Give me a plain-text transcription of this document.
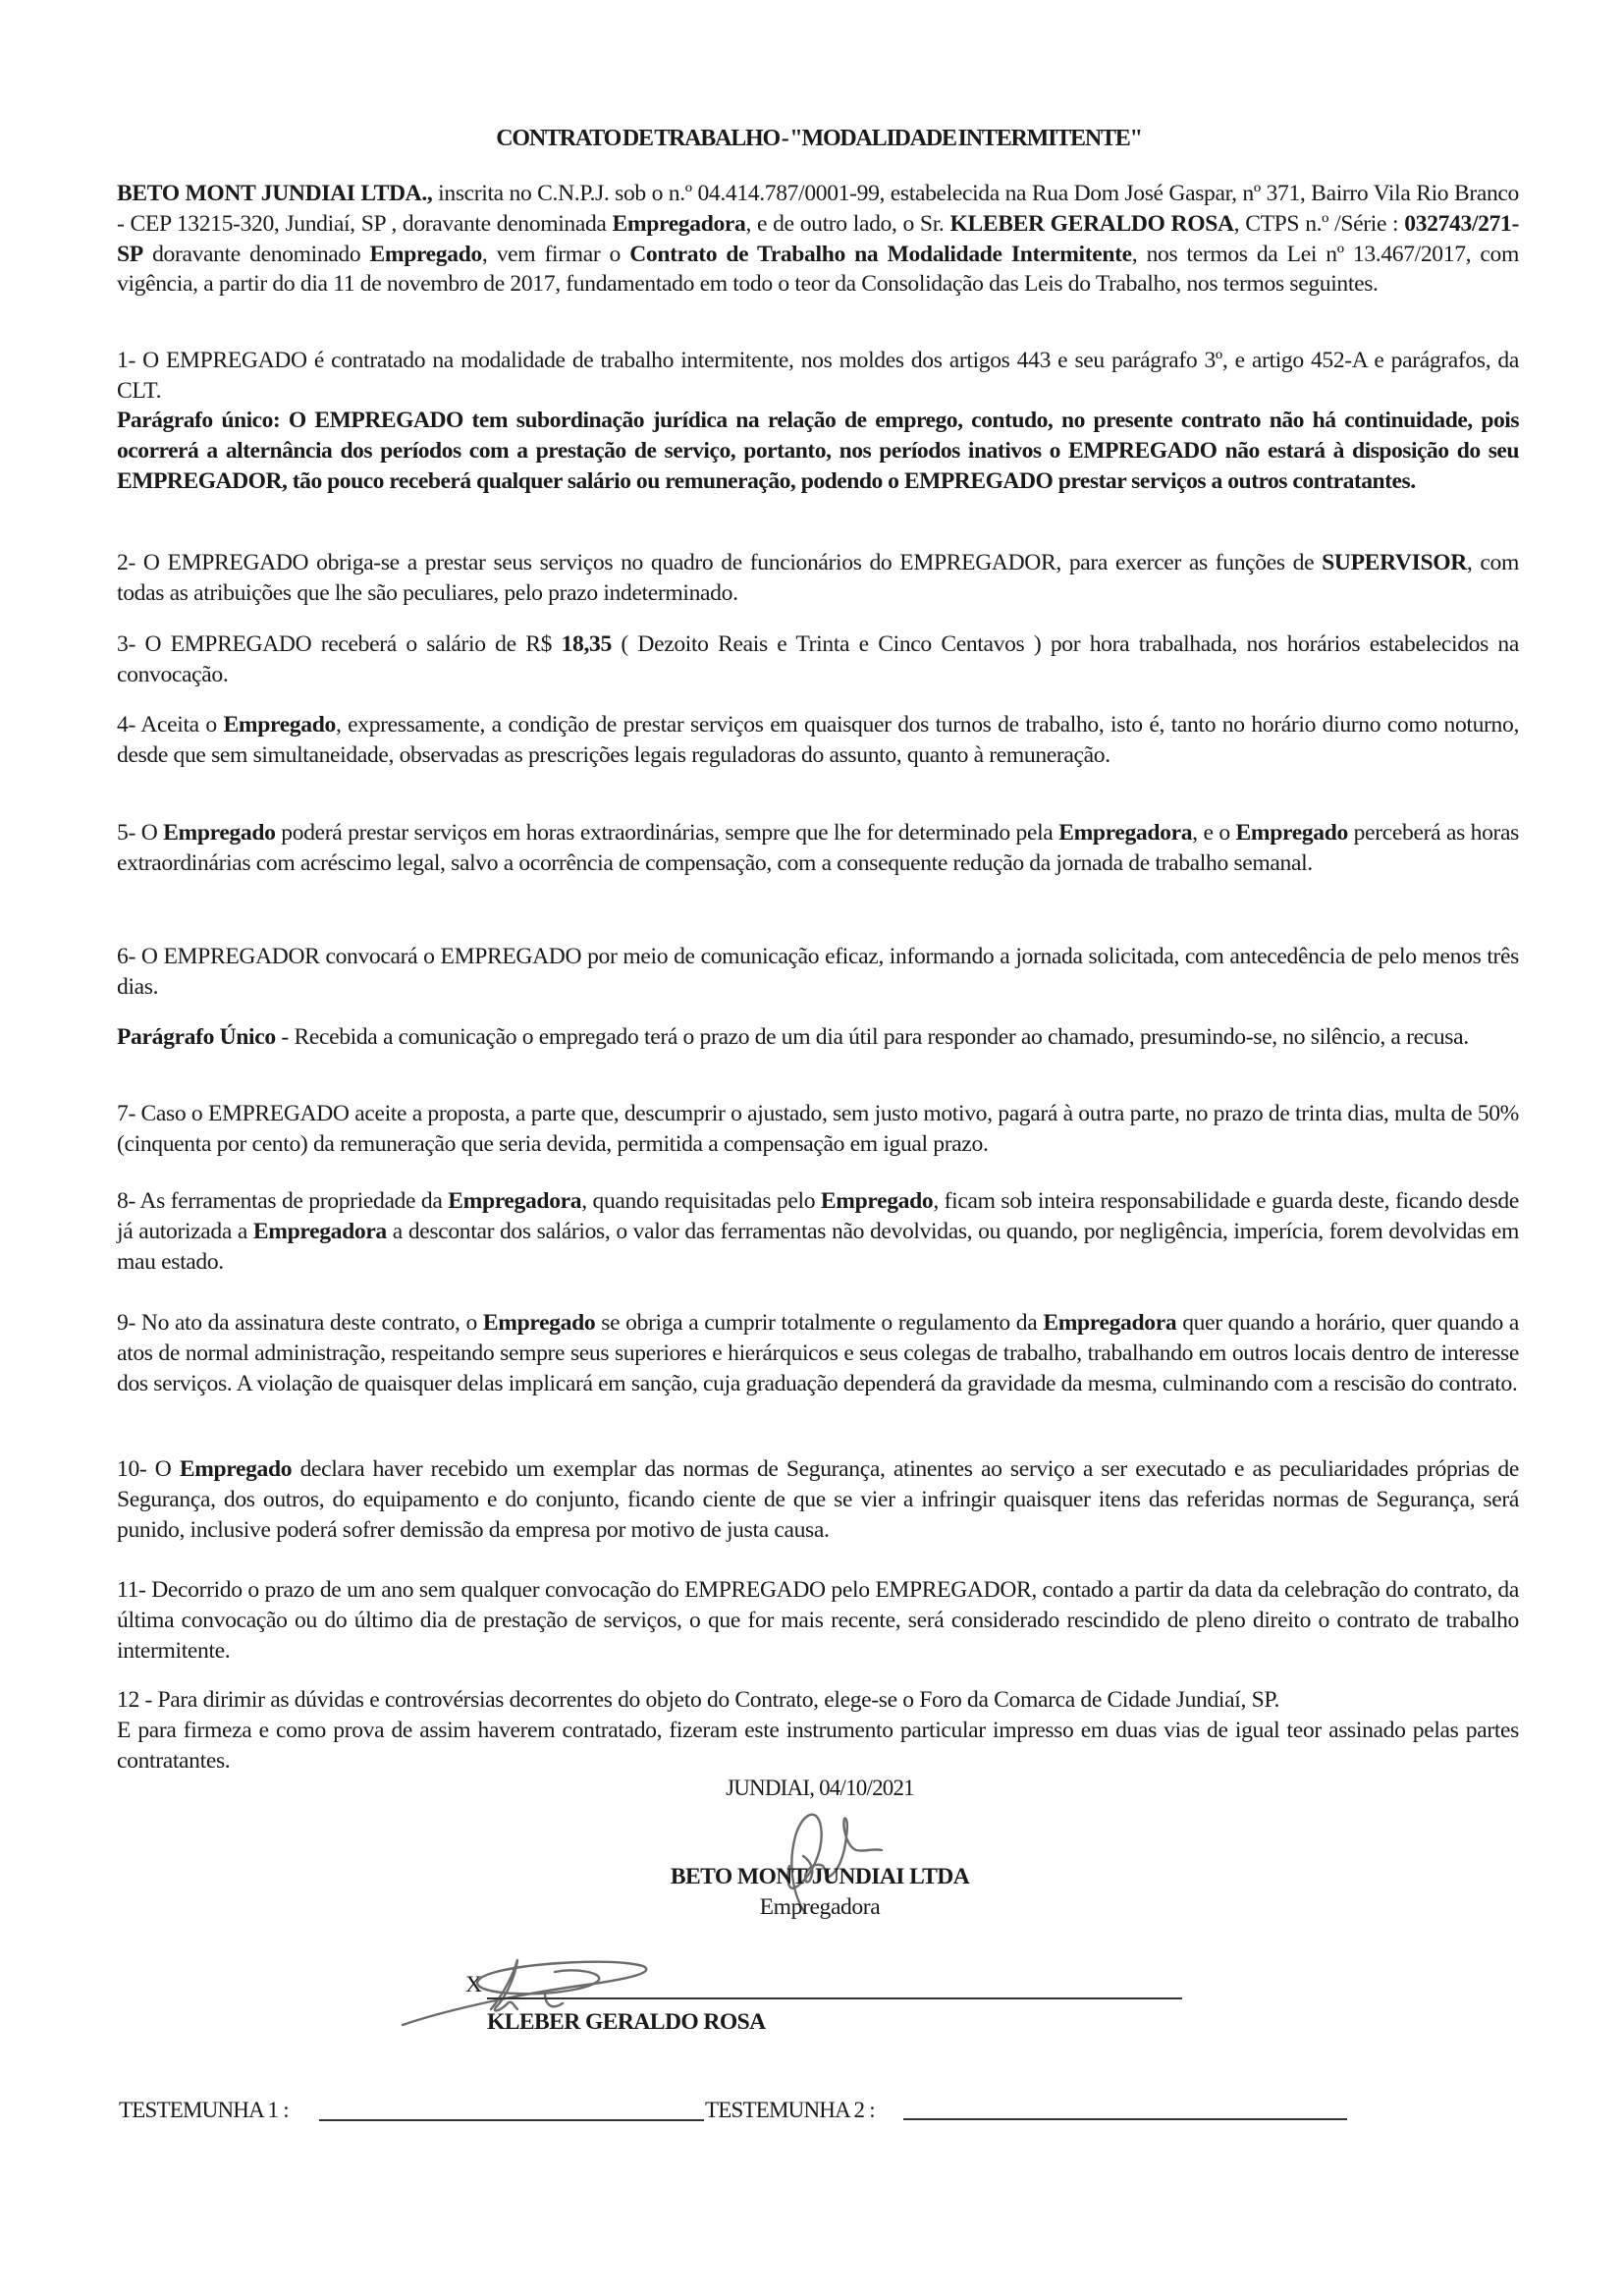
CONTRATO DE TRABALHO - "MODALIDADE INTERMITENTE"
BETO MONT JUNDIAI LTDA., inscrita no C.N.P.J. sob o n.º 04.414.787/0001-99, estabelecida na Rua Dom José Gaspar, nº 371, Bairro Vila Rio Branco - CEP 13215-320, Jundiaí, SP , doravante denominada Empregadora, e de outro lado, o Sr. KLEBER GERALDO ROSA, CTPS n.º /Série : 032743/271-SP doravante denominado Empregado, vem firmar o Contrato de Trabalho na Modalidade Intermitente, nos termos da Lei nº 13.467/2017, com vigência, a partir do dia 11 de novembro de 2017, fundamentado em todo o teor da Consolidação das Leis do Trabalho, nos termos seguintes.
1- O EMPREGADO é contratado na modalidade de trabalho intermitente, nos moldes dos artigos 443 e seu parágrafo 3º, e artigo 452-A e parágrafos, da CLT.
Parágrafo único: O EMPREGADO tem subordinação jurídica na relação de emprego, contudo, no presente contrato não há continuidade, pois ocorrerá a alternância dos períodos com a prestação de serviço, portanto, nos períodos inativos o EMPREGADO não estará à disposição do seu EMPREGADOR, tão pouco receberá qualquer salário ou remuneração, podendo o EMPREGADO prestar serviços a outros contratantes.
2- O EMPREGADO obriga-se a prestar seus serviços no quadro de funcionários do EMPREGADOR, para exercer as funções de SUPERVISOR, com todas as atribuições que lhe são peculiares, pelo prazo indeterminado.
3- O EMPREGADO receberá o salário de R$ 18,35 ( Dezoito Reais e Trinta e Cinco Centavos ) por hora trabalhada, nos horários estabelecidos na convocação.
4- Aceita o Empregado, expressamente, a condição de prestar serviços em quaisquer dos turnos de trabalho, isto é, tanto no horário diurno como noturno, desde que sem simultaneidade, observadas as prescrições legais reguladoras do assunto, quanto à remuneração.
5- O Empregado poderá prestar serviços em horas extraordinárias, sempre que lhe for determinado pela Empregadora, e o Empregado perceberá as horas extraordinárias com acréscimo legal, salvo a ocorrência de compensação, com a consequente redução da jornada de trabalho semanal.
6- O EMPREGADOR convocará o EMPREGADO por meio de comunicação eficaz, informando a jornada solicitada, com antecedência de pelo menos três dias.
Parágrafo Único - Recebida a comunicação o empregado terá o prazo de um dia útil para responder ao chamado, presumindo-se, no silêncio, a recusa.
7- Caso o EMPREGADO aceite a proposta, a parte que, descumprir o ajustado, sem justo motivo, pagará à outra parte, no prazo de trinta dias, multa de 50% (cinquenta por cento) da remuneração que seria devida, permitida a compensação em igual prazo.
8- As ferramentas de propriedade da Empregadora, quando requisitadas pelo Empregado, ficam sob inteira responsabilidade e guarda deste, ficando desde já autorizada a Empregadora a descontar dos salários, o valor das ferramentas não devolvidas, ou quando, por negligência, imperícia, forem devolvidas em mau estado.
9- No ato da assinatura deste contrato, o Empregado se obriga a cumprir totalmente o regulamento da Empregadora quer quando a horário, quer quando a atos de normal administração, respeitando sempre seus superiores e hierárquicos e seus colegas de trabalho, trabalhando em outros locais dentro de interesse dos serviços. A violação de quaisquer delas implicará em sanção, cuja graduação dependerá da gravidade da mesma, culminando com a rescisão do contrato.
10- O Empregado declara haver recebido um exemplar das normas de Segurança, atinentes ao serviço a ser executado e as peculiaridades próprias de Segurança, dos outros, do equipamento e do conjunto, ficando ciente de que se vier a infringir quaisquer itens das referidas normas de Segurança, será punido, inclusive poderá sofrer demissão da empresa por motivo de justa causa.
11- Decorrido o prazo de um ano sem qualquer convocação do EMPREGADO pelo EMPREGADOR, contado a partir da data da celebração do contrato, da última convocação ou do último dia de prestação de serviços, o que for mais recente, será considerado rescindido de pleno direito o contrato de trabalho intermitente.
12 - Para dirimir as dúvidas e controvérsias decorrentes do objeto do Contrato, elege-se o Foro da Comarca de Cidade Jundiaí, SP.
E para firmeza e como prova de assim haverem contratado, fizeram este instrumento particular impresso em duas vias de igual teor assinado pelas partes contratantes.
JUNDIAI, 04/10/2021
BETO MONT JUNDIAI LTDA
Empregadora
X
KLEBER GERALDO ROSA
TESTEMUNHA 1 :	TESTEMUNHA 2 :
